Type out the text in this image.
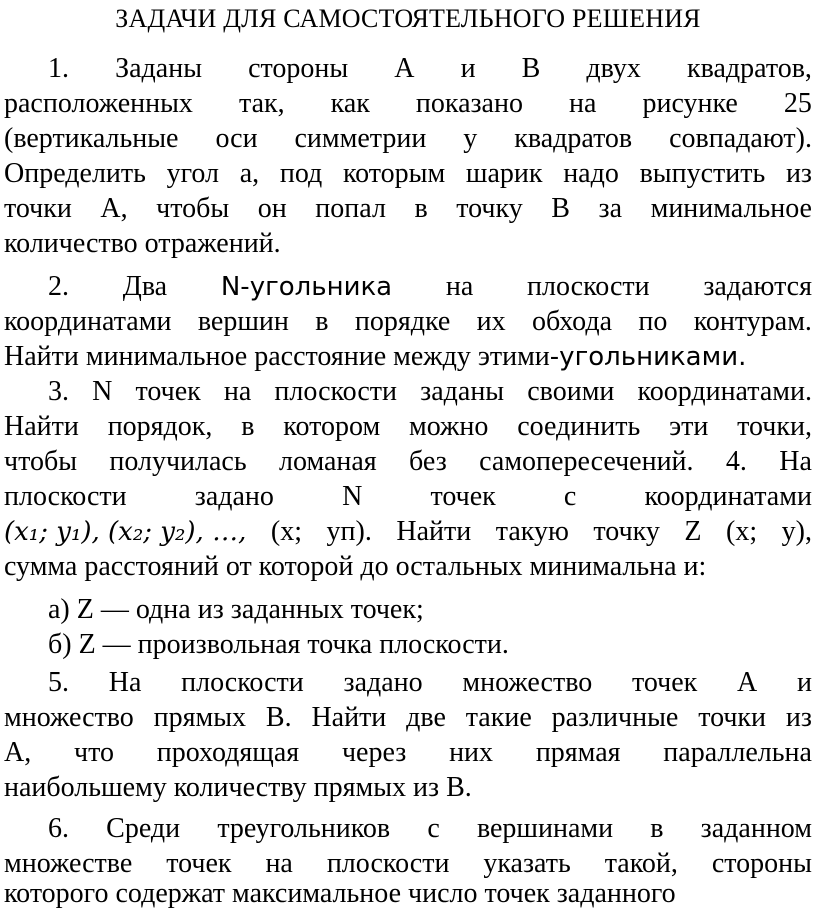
ЗАДАЧИ ДЛЯ САМОСТОЯТЕЛЬНОГО РЕШЕНИЯ
1. Заданы стороны А и В двух квадратов,
расположенных так, как показано на рисунке 25
(вертикальные оси симметрии у квадратов совпадают).
Определить угол a, под которым шарик надо выпустить из
точки А, чтобы он попал в точку В за минимальное
количество отражений.
2. Два N-угольника на плоскости задаются
координатами вершин в порядке их обхода по контурам.
Найти минимальное расстояние между этими-угольниками.
3. N точек на плоскости заданы своими координатами.
Найти порядок, в котором можно соединить эти точки,
чтобы получилась ломаная без самопересечений. 4. На
плоскости задано N точек с координатами
(x₁; y₁), (x₂; y₂), …, (x; уп). Найти такую точку Z (x; у),
сумма расстояний от которой до остальных минимальна и:
а) Z — одна из заданных точек;
б) Z — произвольная точка плоскости.
5. На плоскости задано множество точек А и
множество прямых В. Найти две такие различные точки из
А, что проходящая через них прямая параллельна
наибольшему количеству прямых из В.
6. Среди треугольников с вершинами в заданном
множестве точек на плоскости указать такой, стороны
которого содержат максимальное число точек заданного
